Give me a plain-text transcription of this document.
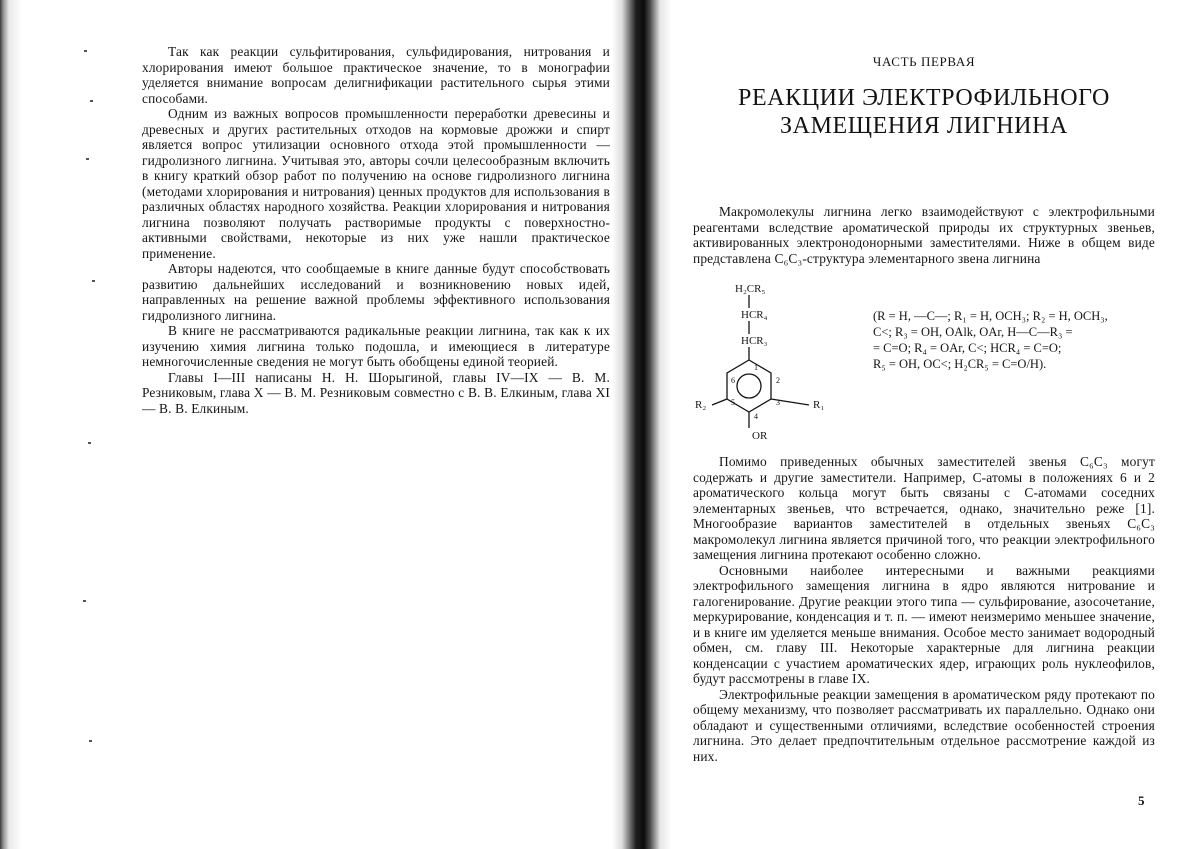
Так как реакции сульфитирования, сульфидирования, нитрования и хлорирования имеют большое практическое значение, то в монографии уделяется внимание вопросам делигнификации растительного сырья этими способами.

Одним из важных вопросов промышленности переработки древесины и древесных и других растительных отходов на кормовые дрожжи и спирт является вопрос утилизации основного отхода этой промышленности — гидролизного лигнина. Учитывая это, авторы сочли целесообразным включить в книгу краткий обзор работ по получению на основе гидролизного лигнина (методами хлорирования и нитрования) ценных продуктов для использования в различных областях народного хозяйства. Реакции хлорирования и нитрования лигнина позволяют получать растворимые продукты с поверхностно-активными свойствами, некоторые из них уже нашли практическое применение.

Авторы надеются, что сообщаемые в книге данные будут способствовать развитию дальнейших исследований и возникновению новых идей, направленных на решение важной проблемы эффективного использования гидролизного лигнина.

В книге не рассматриваются радикальные реакции лигнина, так как к их изучению химия лигнина только подошла, и имеющиеся в литературе немногочисленные сведения не могут быть обобщены единой теорией.

Главы I—III написаны Н. Н. Шорыгиной, главы IV—IX — В. М. Резниковым, глава X — В. М. Резниковым совместно с В. В. Елкиным, глава XI — В. В. Елкиным.

ЧАСТЬ ПЕРВАЯ
РЕАКЦИИ ЭЛЕКТРОФИЛЬНОГО ЗАМЕЩЕНИЯ ЛИГНИНА

Макромолекулы лигнина легко взаимодействуют с электрофильными реагентами вследствие ароматической природы их структурных звеньев, активированных электронодонорными заместителями. Ниже в общем виде представлена C₆C₃-структура элементарного звена лигнина

H₂CR₅
HCR₄
HCR₃
R₂	R₁
OR
1
2
3
4
5
6
(R = H, —C—; R₁ = H, OCH₃; R₂ = H, OCH₃,
C<; R₃ = OH, OAlk, OAr, H—C—R₃ =
= C=O; R₄ = OAr, C<; HCR₄ = C=O;
R₅ = OH, OC<; H₂CR₅ = C=O/H).

Помимо приведенных обычных заместителей звенья C₆C₃ могут содержать и другие заместители. Например, С-атомы в положениях 6 и 2 ароматического кольца могут быть связаны с С-атомами соседних элементарных звеньев, что встречается, однако, значительно реже [1]. Многообразие вариантов заместителей в отдельных звеньях C₆C₃ макромолекул лигнина является причиной того, что реакции электрофильного замещения лигнина протекают особенно сложно.

Основными наиболее интересными и важными реакциями электрофильного замещения лигнина в ядро являются нитрование и галогенирование. Другие реакции этого типа — сульфирование, азосочетание, меркурирование, конденсация и т. п. — имеют неизмеримо меньшее значение, и в книге им уделяется меньше внимания. Особое место занимает водородный обмен, см. главу III. Некоторые характерные для лигнина реакции конденсации с участием ароматических ядер, играющих роль нуклеофилов, будут рассмотрены в главе IX.

Электрофильные реакции замещения в ароматическом ряду протекают по общему механизму, что позволяет рассматривать их параллельно. Однако они обладают и существенными отличиями, вследствие особенностей строения лигнина. Это делает предпочтительным отдельное рассмотрение каждой из них.

5
